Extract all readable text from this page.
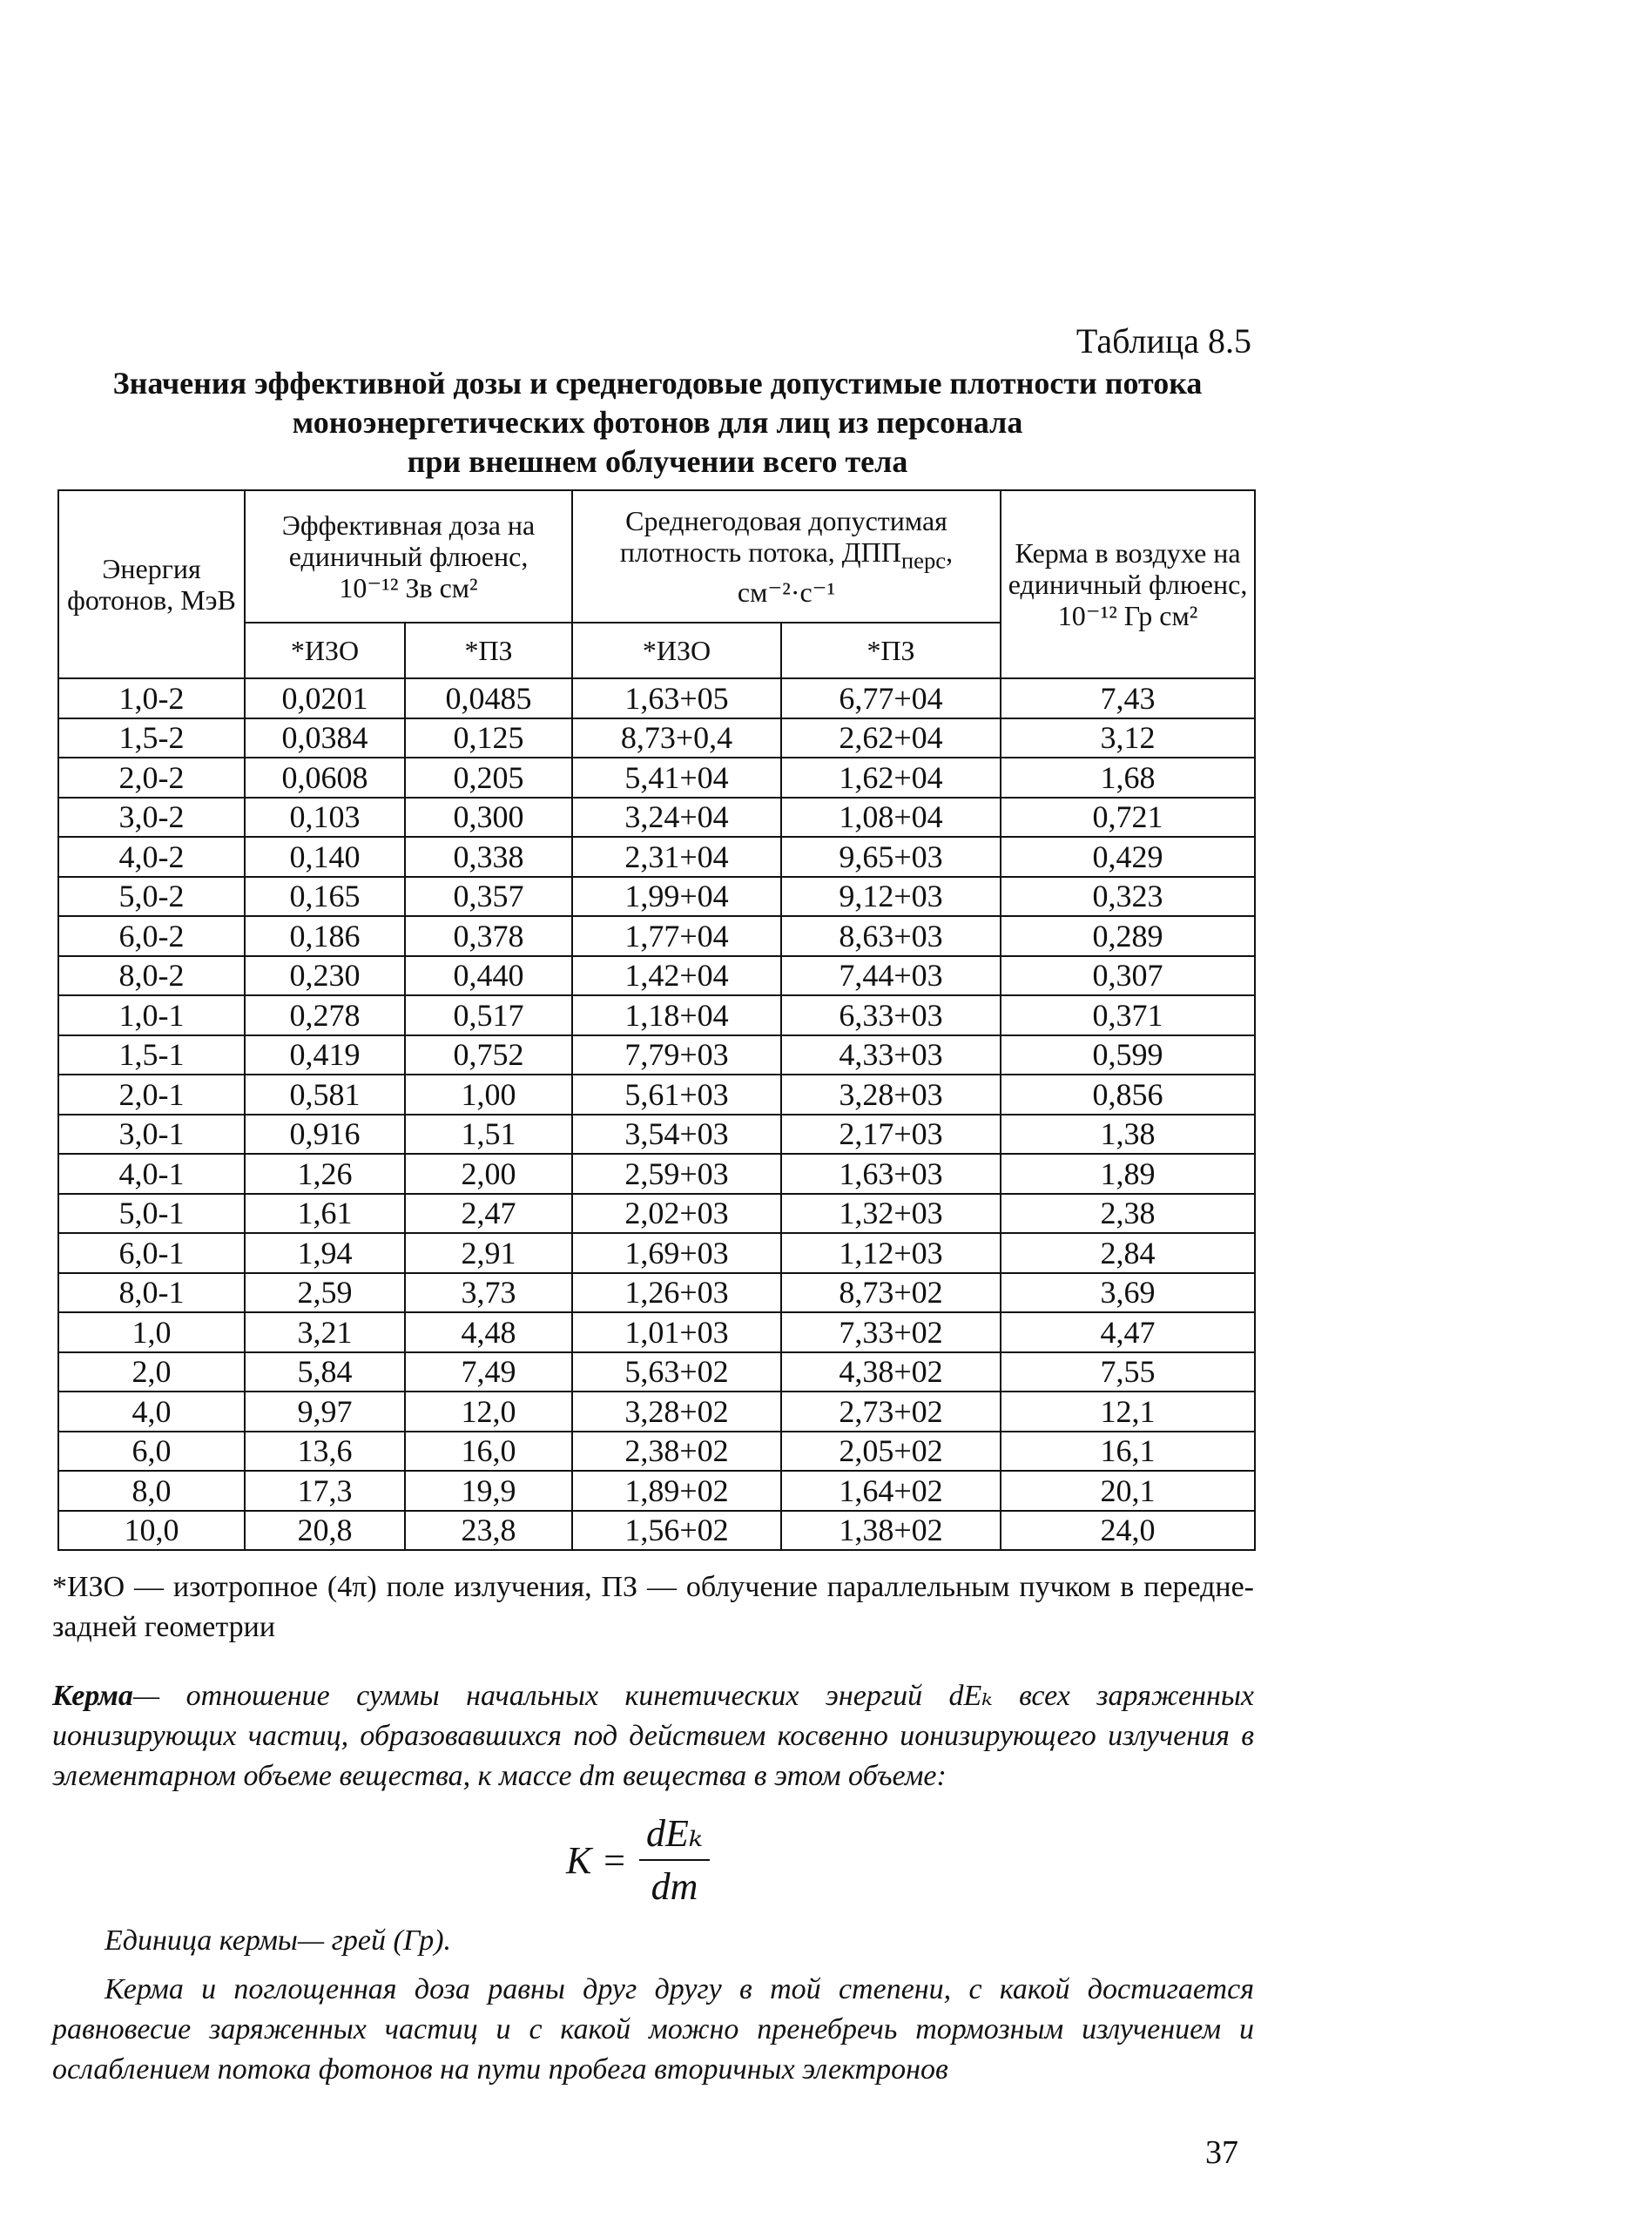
Таблица 8.5

Значения эффективной дозы и среднегодовые допустимые плотности потока
моноэнергетических фотонов для лиц из персонала
при внешнем облучении всего тела
Энергия фотонов, МэВ	Эффективная доза на единичный флюенс,
10⁻¹² Зв см²		Среднегодовая допустимая плотность потока, $ДПП_{перс}$, см⁻²·с⁻¹		Керма в воздухе на единичный флюенс,
10⁻¹² Гр см²
	*ИЗО	*ПЗ	*ИЗО	*ПЗ	
1,0-2	0,0201	0,0485	1,63+05	6,77+04	7,43
1,5-2	0,0384	0,125	8,73+0,4	2,62+04	3,12
2,0-2	0,0608	0,205	5,41+04	1,62+04	1,68
3,0-2	0,103	0,300	3,24+04	1,08+04	0,721
4,0-2	0,140	0,338	2,31+04	9,65+03	0,429
5,0-2	0,165	0,357	1,99+04	9,12+03	0,323
6,0-2	0,186	0,378	1,77+04	8,63+03	0,289
8,0-2	0,230	0,440	1,42+04	7,44+03	0,307
1,0-1	0,278	0,517	1,18+04	6,33+03	0,371
1,5-1	0,419	0,752	7,79+03	4,33+03	0,599
2,0-1	0,581	1,00	5,61+03	3,28+03	0,856
3,0-1	0,916	1,51	3,54+03	2,17+03	1,38
4,0-1	1,26	2,00	2,59+03	1,63+03	1,89
5,0-1	1,61	2,47	2,02+03	1,32+03	2,38
6,0-1	1,94	2,91	1,69+03	1,12+03	2,84
8,0-1	2,59	3,73	1,26+03	8,73+02	3,69
1,0	3,21	4,48	1,01+03	7,33+02	4,47
2,0	5,84	7,49	5,63+02	4,38+02	7,55
4,0	9,97	12,0	3,28+02	2,73+02	12,1
6,0	13,6	16,0	2,38+02	2,05+02	16,1
8,0	17,3	19,9	1,89+02	1,64+02	20,1
10,0	20,8	23,8	1,56+02	1,38+02	24,0

*ИЗО — изотропное (4π) поле излучения, ПЗ — облучение параллельным пучком в передне-задней геометрии

Керма— отношение суммы начальных кинетических энергий dEₖ всех заряженных ионизирующих частиц, образовавшихся под действием косвенно ионизирующего излучения в элементарном объеме вещества, к массе dm вещества в этом объеме:

$K = \frac{\text{dEₖ}}{dm}$

Единица кермы— грей (Гр).

Керма и поглощенная доза равны друг другу в той степени, с какой достигается равновесие заряженных частиц и с какой можно пренебречь тормозным излучением и ослаблением потока фотонов на пути пробега вторичных электронов

37
